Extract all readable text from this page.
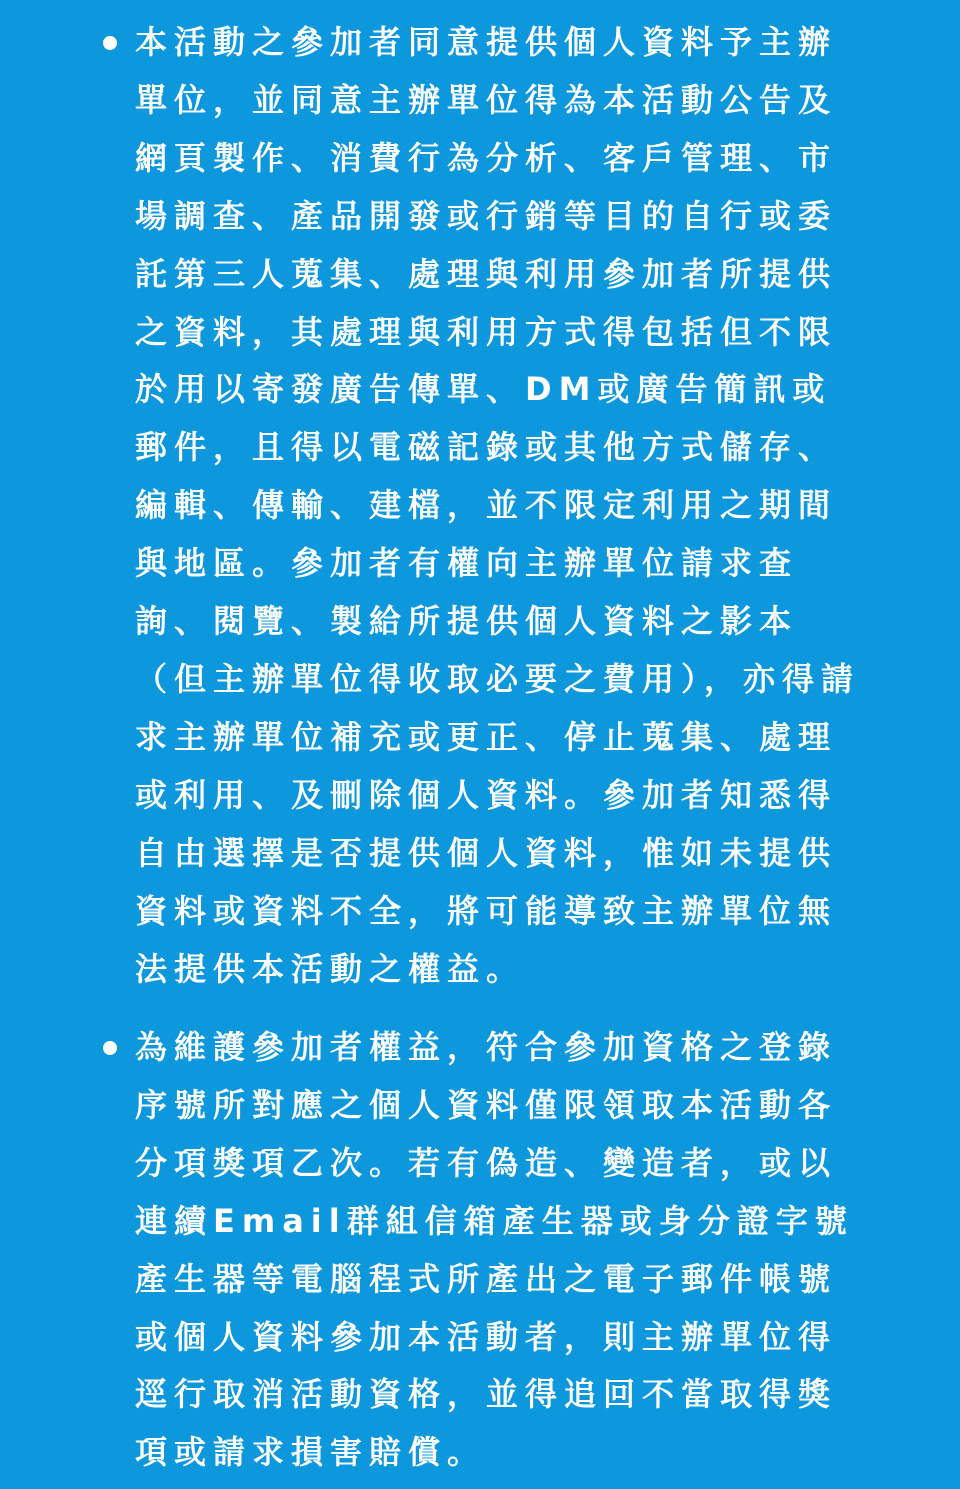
本活動之參加者同意提供個人資料予主辦單位，並同意主辦單位得為本活動公告及網頁製作、消費行為分析、客戶管理、市場調查、產品開發或行銷等目的自行或委託第三人蒐集、處理與利用參加者所提供之資料，其處理與利用方式得包括但不限於用以寄發廣告傳單、DM或廣告簡訊或郵件，且得以電磁記錄或其他方式儲存、編輯、傳輸、建檔，並不限定利用之期間與地區。參加者有權向主辦單位請求查詢、閱覽、製給所提供個人資料之影本（但主辦單位得收取必要之費用），亦得請求主辦單位補充或更正、停止蒐集、處理或利用、及刪除個人資料。參加者知悉得自由選擇是否提供個人資料，惟如未提供資料或資料不全，將可能導致主辦單位無法提供本活動之權益。

為維護參加者權益，符合參加資格之登錄序號所對應之個人資料僅限領取本活動各分項獎項乙次。若有偽造、變造者，或以連續Email群組信箱產生器或身分證字號產生器等電腦程式所產出之電子郵件帳號或個人資料參加本活動者，則主辦單位得逕行取消活動資格，並得追回不當取得獎項或請求損害賠償。
